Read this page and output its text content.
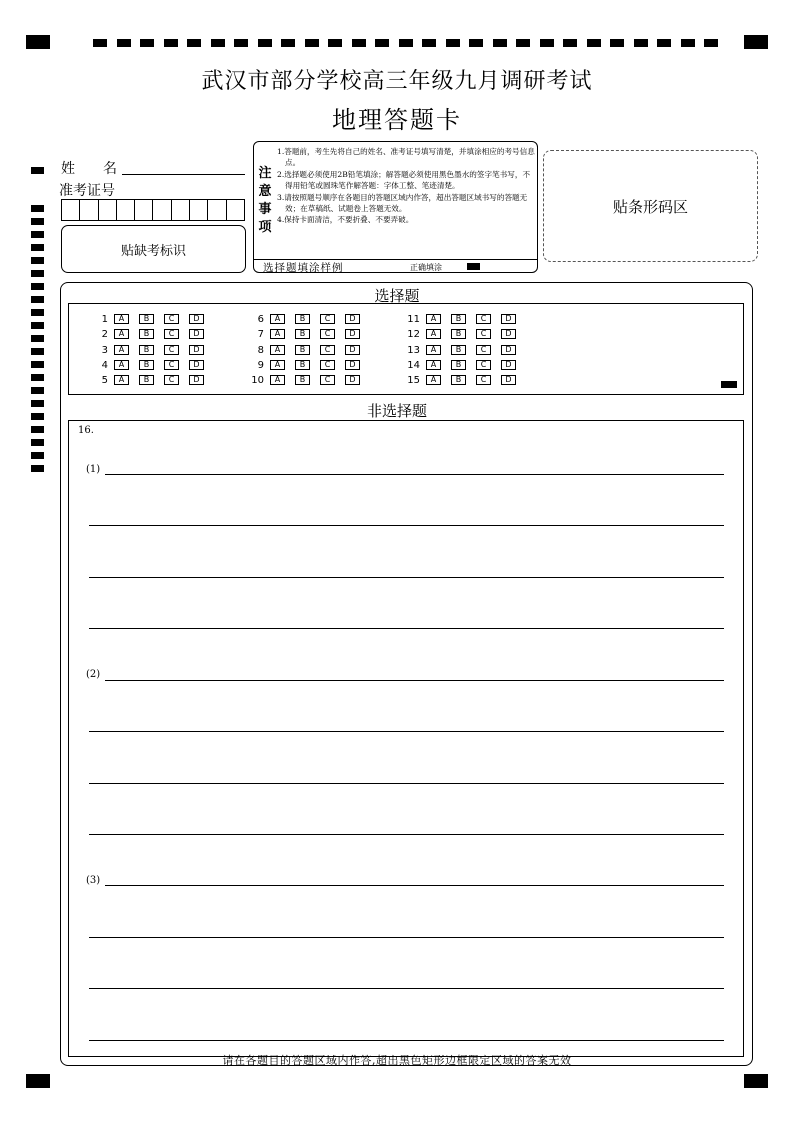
武汉市部分学校高三年级九月调研考试
地理答题卡
姓　　名
准考证号
贴缺考标识
注
意
事
项

1.答题前，考生先将自己的姓名、准考证号填写清楚，并填涂相应的考号信息点。

2.选择题必须使用2B铅笔填涂；解答题必须使用黑色墨水的签字笔书写，不得用铅笔或圆珠笔作解答题：字体工整、笔迹清楚。

3.请按照题号顺序在各题目的答题区域内作答，超出答题区域书写的答题无效；在草稿纸、试题卷上答题无效。

4.保持卡面清洁，不要折叠、不要弄破。

选择题填涂样例	正确填涂
贴条形码区
选择题
1	A	B	C	D
2	A	B	C	D
3	A	B	C	D
4	A	B	C	D
5	A	B	C	D
6	A	B	C	D
7	A	B	C	D
8	A	B	C	D
9	A	B	C	D
10	A	B	C	D
11	A	B	C	D
12	A	B	C	D
13	A	B	C	D
14	A	B	C	D
15	A	B	C	D
非选择题
16.
(1)
(2)
(3)
请在各题目的答题区域内作答,超出黑色矩形边框限定区域的答案无效
